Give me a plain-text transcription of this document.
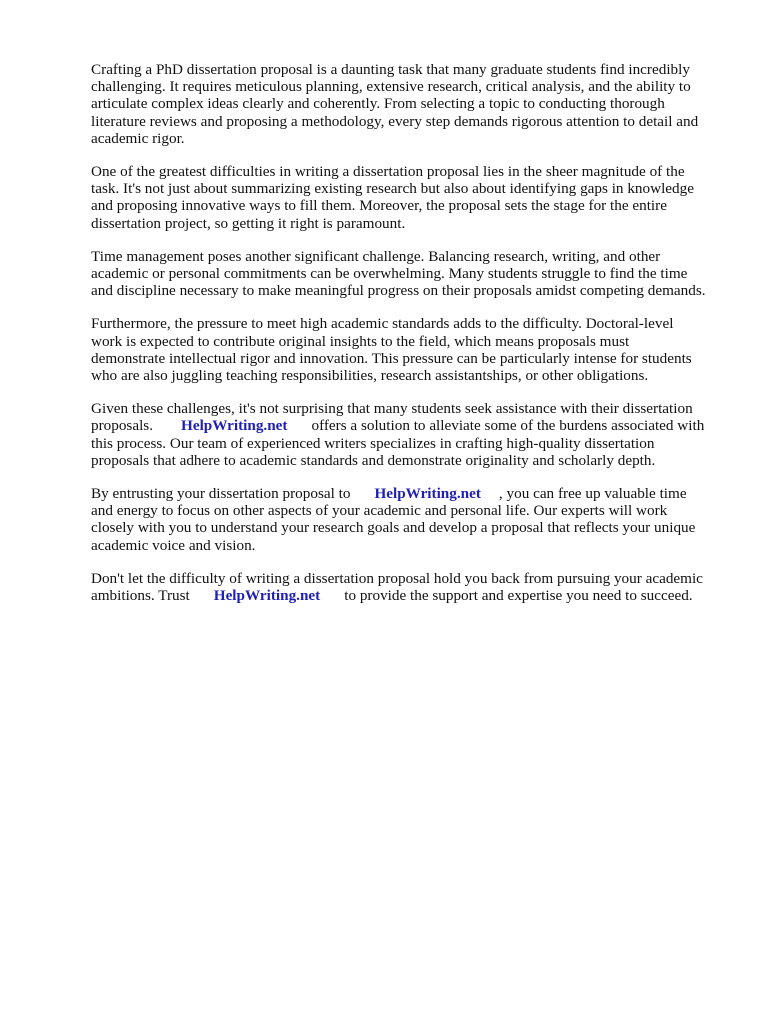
Crafting a PhD dissertation proposal is a daunting task that many graduate students find incredibly
challenging. It requires meticulous planning, extensive research, critical analysis, and the ability to
articulate complex ideas clearly and coherently. From selecting a topic to conducting thorough
literature reviews and proposing a methodology, every step demands rigorous attention to detail and
academic rigor.
One of the greatest difficulties in writing a dissertation proposal lies in the sheer magnitude of the
task. It's not just about summarizing existing research but also about identifying gaps in knowledge
and proposing innovative ways to fill them. Moreover, the proposal sets the stage for the entire
dissertation project, so getting it right is paramount.
Time management poses another significant challenge. Balancing research, writing, and other
academic or personal commitments can be overwhelming. Many students struggle to find the time
and discipline necessary to make meaningful progress on their proposals amidst competing demands.
Furthermore, the pressure to meet high academic standards adds to the difficulty. Doctoral-level
work is expected to contribute original insights to the field, which means proposals must
demonstrate intellectual rigor and innovation. This pressure can be particularly intense for students
who are also juggling teaching responsibilities, research assistantships, or other obligations.
Given these challenges, it's not surprising that many students seek assistance with their dissertation
proposals. HelpWriting.net offers a solution to alleviate some of the burdens associated with
this process. Our team of experienced writers specializes in crafting high-quality dissertation
proposals that adhere to academic standards and demonstrate originality and scholarly depth.
By entrusting your dissertation proposal to HelpWriting.net , you can free up valuable time
and energy to focus on other aspects of your academic and personal life. Our experts will work
closely with you to understand your research goals and develop a proposal that reflects your unique
academic voice and vision.
Don't let the difficulty of writing a dissertation proposal hold you back from pursuing your academic
ambitions. Trust HelpWriting.net to provide the support and expertise you need to succeed.
